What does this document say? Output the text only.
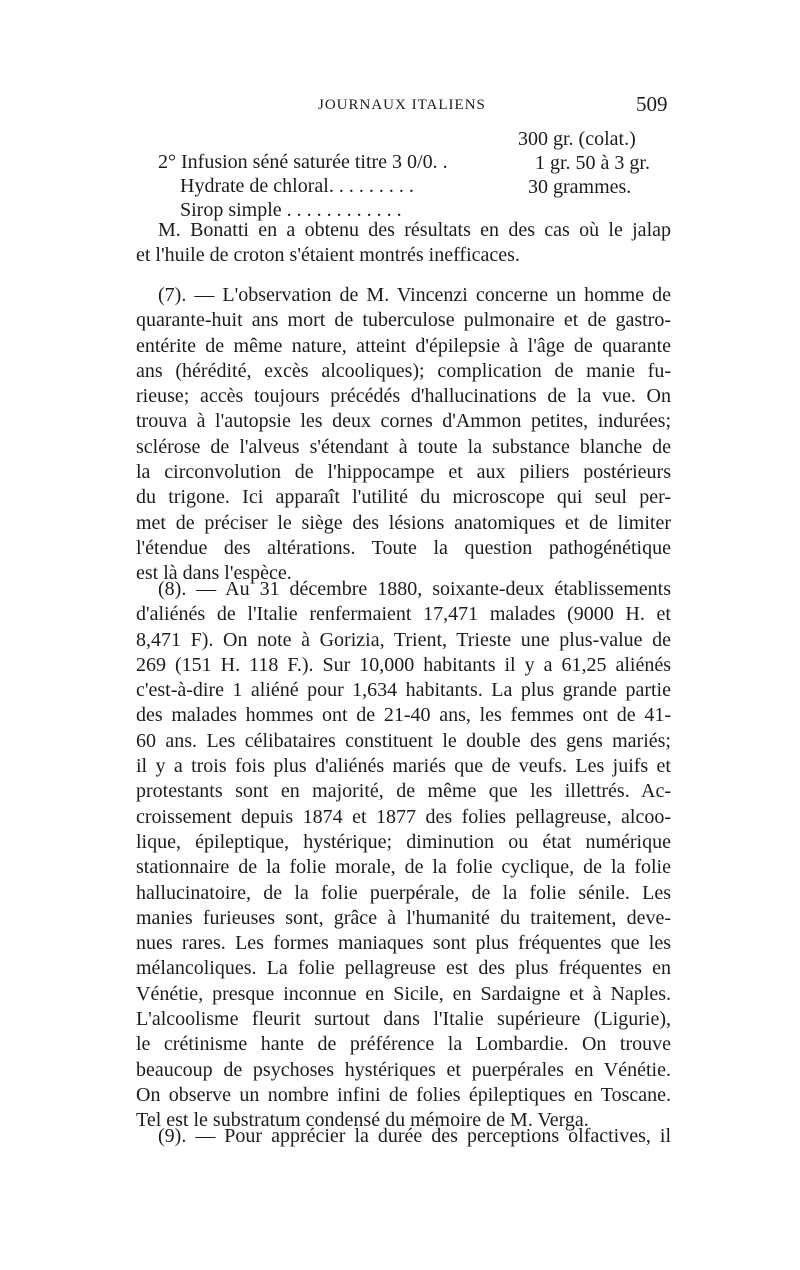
JOURNAUX ITALIENS	509

2° Infusion séné saturée titre 3 0/0. .

300 gr. (colat.)

Hydrate de chloral. . . . . . . . .

1 gr. 50 à 3 gr.

Sirop simple . . . . . . . . . . . .

30 grammes.

M. Bonatti en a obtenu des résultats en des cas où le jalap
et l'huile de croton s'étaient montrés inefficaces.
(7). — L'observation de M. Vincenzi concerne un homme de
quarante-huit ans mort de tuberculose pulmonaire et de gastro-
entérite de même nature, atteint d'épilepsie à l'âge de quarante
ans (hérédité, excès alcooliques); complication de manie fu-
rieuse; accès toujours précédés d'hallucinations de la vue. On
trouva à l'autopsie les deux cornes d'Ammon petites, indurées;
sclérose de l'alveus s'étendant à toute la substance blanche de
la circonvolution de l'hippocampe et aux piliers postérieurs
du trigone. Ici apparaît l'utilité du microscope qui seul per-
met de préciser le siège des lésions anatomiques et de limiter
l'étendue des altérations. Toute la question pathogénétique
est là dans l'espèce.
(8). — Au 31 décembre 1880, soixante-deux établissements
d'aliénés de l'Italie renfermaient 17,471 malades (9000 H. et
8,471 F). On note à Gorizia, Trient, Trieste une plus-value de
269 (151 H. 118 F.). Sur 10,000 habitants il y a 61,25 aliénés
c'est-à-dire 1 aliéné pour 1,634 habitants. La plus grande partie
des malades hommes ont de 21-40 ans, les femmes ont de 41-
60 ans. Les célibataires constituent le double des gens mariés;
il y a trois fois plus d'aliénés mariés que de veufs. Les juifs et
protestants sont en majorité, de même que les illettrés. Ac-
croissement depuis 1874 et 1877 des folies pellagreuse, alcoo-
lique, épileptique, hystérique; diminution ou état numérique
stationnaire de la folie morale, de la folie cyclique, de la folie
hallucinatoire, de la folie puerpérale, de la folie sénile. Les
manies furieuses sont, grâce à l'humanité du traitement, deve-
nues rares. Les formes maniaques sont plus fréquentes que les
mélancoliques. La folie pellagreuse est des plus fréquentes en
Vénétie, presque inconnue en Sicile, en Sardaigne et à Naples.
L'alcoolisme fleurit surtout dans l'Italie supérieure (Ligurie),
le crétinisme hante de préférence la Lombardie. On trouve
beaucoup de psychoses hystériques et puerpérales en Vénétie.
On observe un nombre infini de folies épileptiques en Toscane.
Tel est le substratum condensé du mémoire de M. Verga.
(9). — Pour apprécier la durée des perceptions olfactives, il
